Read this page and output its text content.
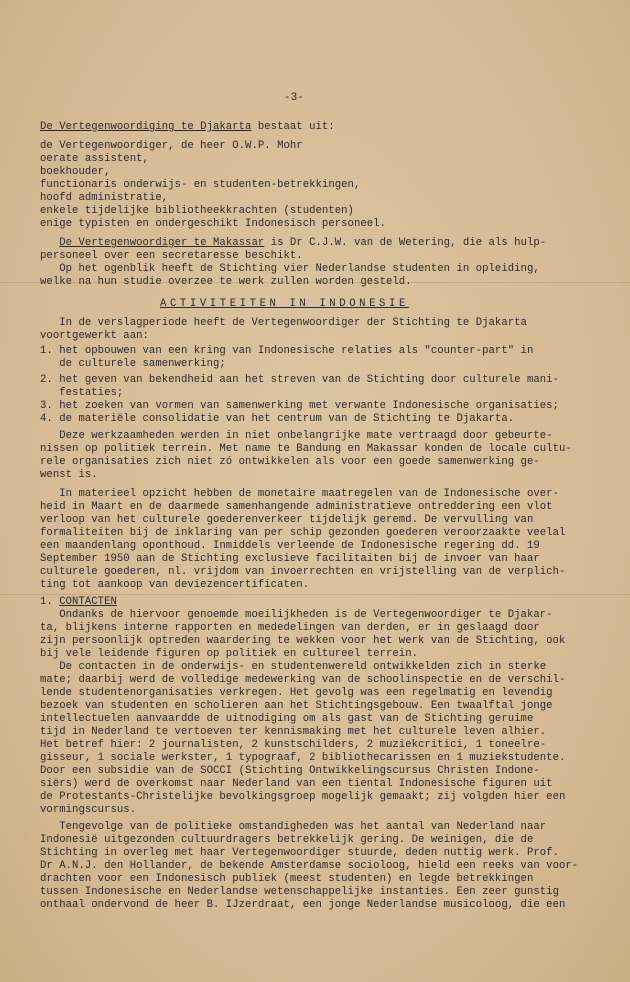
-3-
De Vertegenwoordiging te Djakarta bestaat uit:
de Vertegenwoordiger, de heer O.W.P. Mohr
oerate assistent,
boekhouder,
functionaris onderwijs- en studenten-betrekkingen,
hoofd administratie,
enkele tijdelijke bibliotheekkrachten (studenten)
enige typisten en ondergeschikt Indonesisch personeel.
De Vertegenwoordiger te Makassar is Dr C.J.W. van de Wetering, die als hulp-
personeel over een secretaresse beschikt.
Op het ogenblik heeft de Stichting vier Nederlandse studenten in opleiding,
welke na hun studie overzee te werk zullen worden gesteld.
ACTIVITEITEN IN INDONESIE
In de verslagperiode heeft de Vertegenwoordiger der Stichting te Djakarta
voortgewerkt aan:
1. het opbouwen van een kring van Indonesische relaties als "counter-part" in
de culturele samenwerking;
2. het geven van bekendheid aan het streven van de Stichting door culturele mani-
festaties;
3. het zoeken van vormen van samenwerking met verwante Indonesische organisaties;
4. de materiële consolidatie van het centrum van de Stichting te Djakarta.
Deze werkzaamheden werden in niet onbelangrijke mate vertraagd door gebeurte-
nissen op politiek terrein. Met name te Bandung en Makassar konden de locale cultu-
rele organisaties zich niet zó ontwikkelen als voor een goede samenwerking ge-
wenst is.
In materieel opzicht hebben de monetaire maatregelen van de Indonesische over-
heid in Maart en de daarmede samenhangende administratieve ontreddering een vlot
verloop van het culturele goederenverkeer tijdelijk geremd. De vervulling van
formaliteiten bij de inklaring van per schip gezonden goederen veroorzaakte veelal
een maandenlang oponthoud. Inmiddels verleende de Indonesische regering dd. 19
September 1950 aan de Stichting exclusieve facilitaiten bij de invoer van haar
culturele goederen, nl. vrijdom van invoerrechten en vrijstelling van de verplich-
ting tot aankoop van deviezencertificaten.
1. CONTACTEN
Ondanks de hiervoor genoemde moeilijkheden is de Vertegenwoordiger te Djakar-
ta, blijkens interne rapporten en mededelingen van derden, er in geslaagd door
zijn persoonlijk optreden waardering te wekken voor het werk van de Stichting, ook
bij vele leidende figuren op politiek en cultureel terrein.
De contacten in de onderwijs- en studentenwereld ontwikkelden zich in sterke
mate; daarbij werd de volledige medewerking van de schoolinspectie en de verschil-
lende studentenorganisaties verkregen. Het gevolg was een regelmatig en levendig
bezoek van studenten en scholieren aan het Stichtingsgebouw. Een twaalftal jonge
intellectuelen aanvaardde de uitnodiging om als gast van de Stichting geruime
tijd in Nederland te vertoeven ter kennismaking met het culturele leven alhier.
Het betref hier: 2 journalisten, 2 kunstschilders, 2 muziekcritici, 1 toneelre-
gisseur, 1 sociale werkster, 1 typograaf, 2 bibliothecarissen en 1 muziekstudente.
Door een subsidie van de SOCCI (Stichting Ontwikkelingscursus Christen Indone-
siërs) werd de overkomst naar Nederland van een tiental Indonesische figuren uit
de Protestants-Christelijke bevolkingsgroep mogelijk gemaakt; zij volgden hier een
vormingscursus.
Tengevolge van de politieke omstandigheden was het aantal van Nederland naar
Indonesië uitgezonden cultuurdragers betrekkelijk gering. De weinigen, die de
Stichting in overleg met haar Vertegenwoordiger stuurde, deden nuttig werk. Prof.
Dr A.N.J. den Hollander, de bekende Amsterdamse socioloog, hield een reeks van voor-
drachten voor een Indonesisch publiek (meest studenten) en legde betrekkingen
tussen Indonesische en Nederlandse wetenschappelijke instanties. Een zeer gunstig
onthaal ondervond de heer B. IJzerdraat, een jonge Nederlandse musicoloog, die een
